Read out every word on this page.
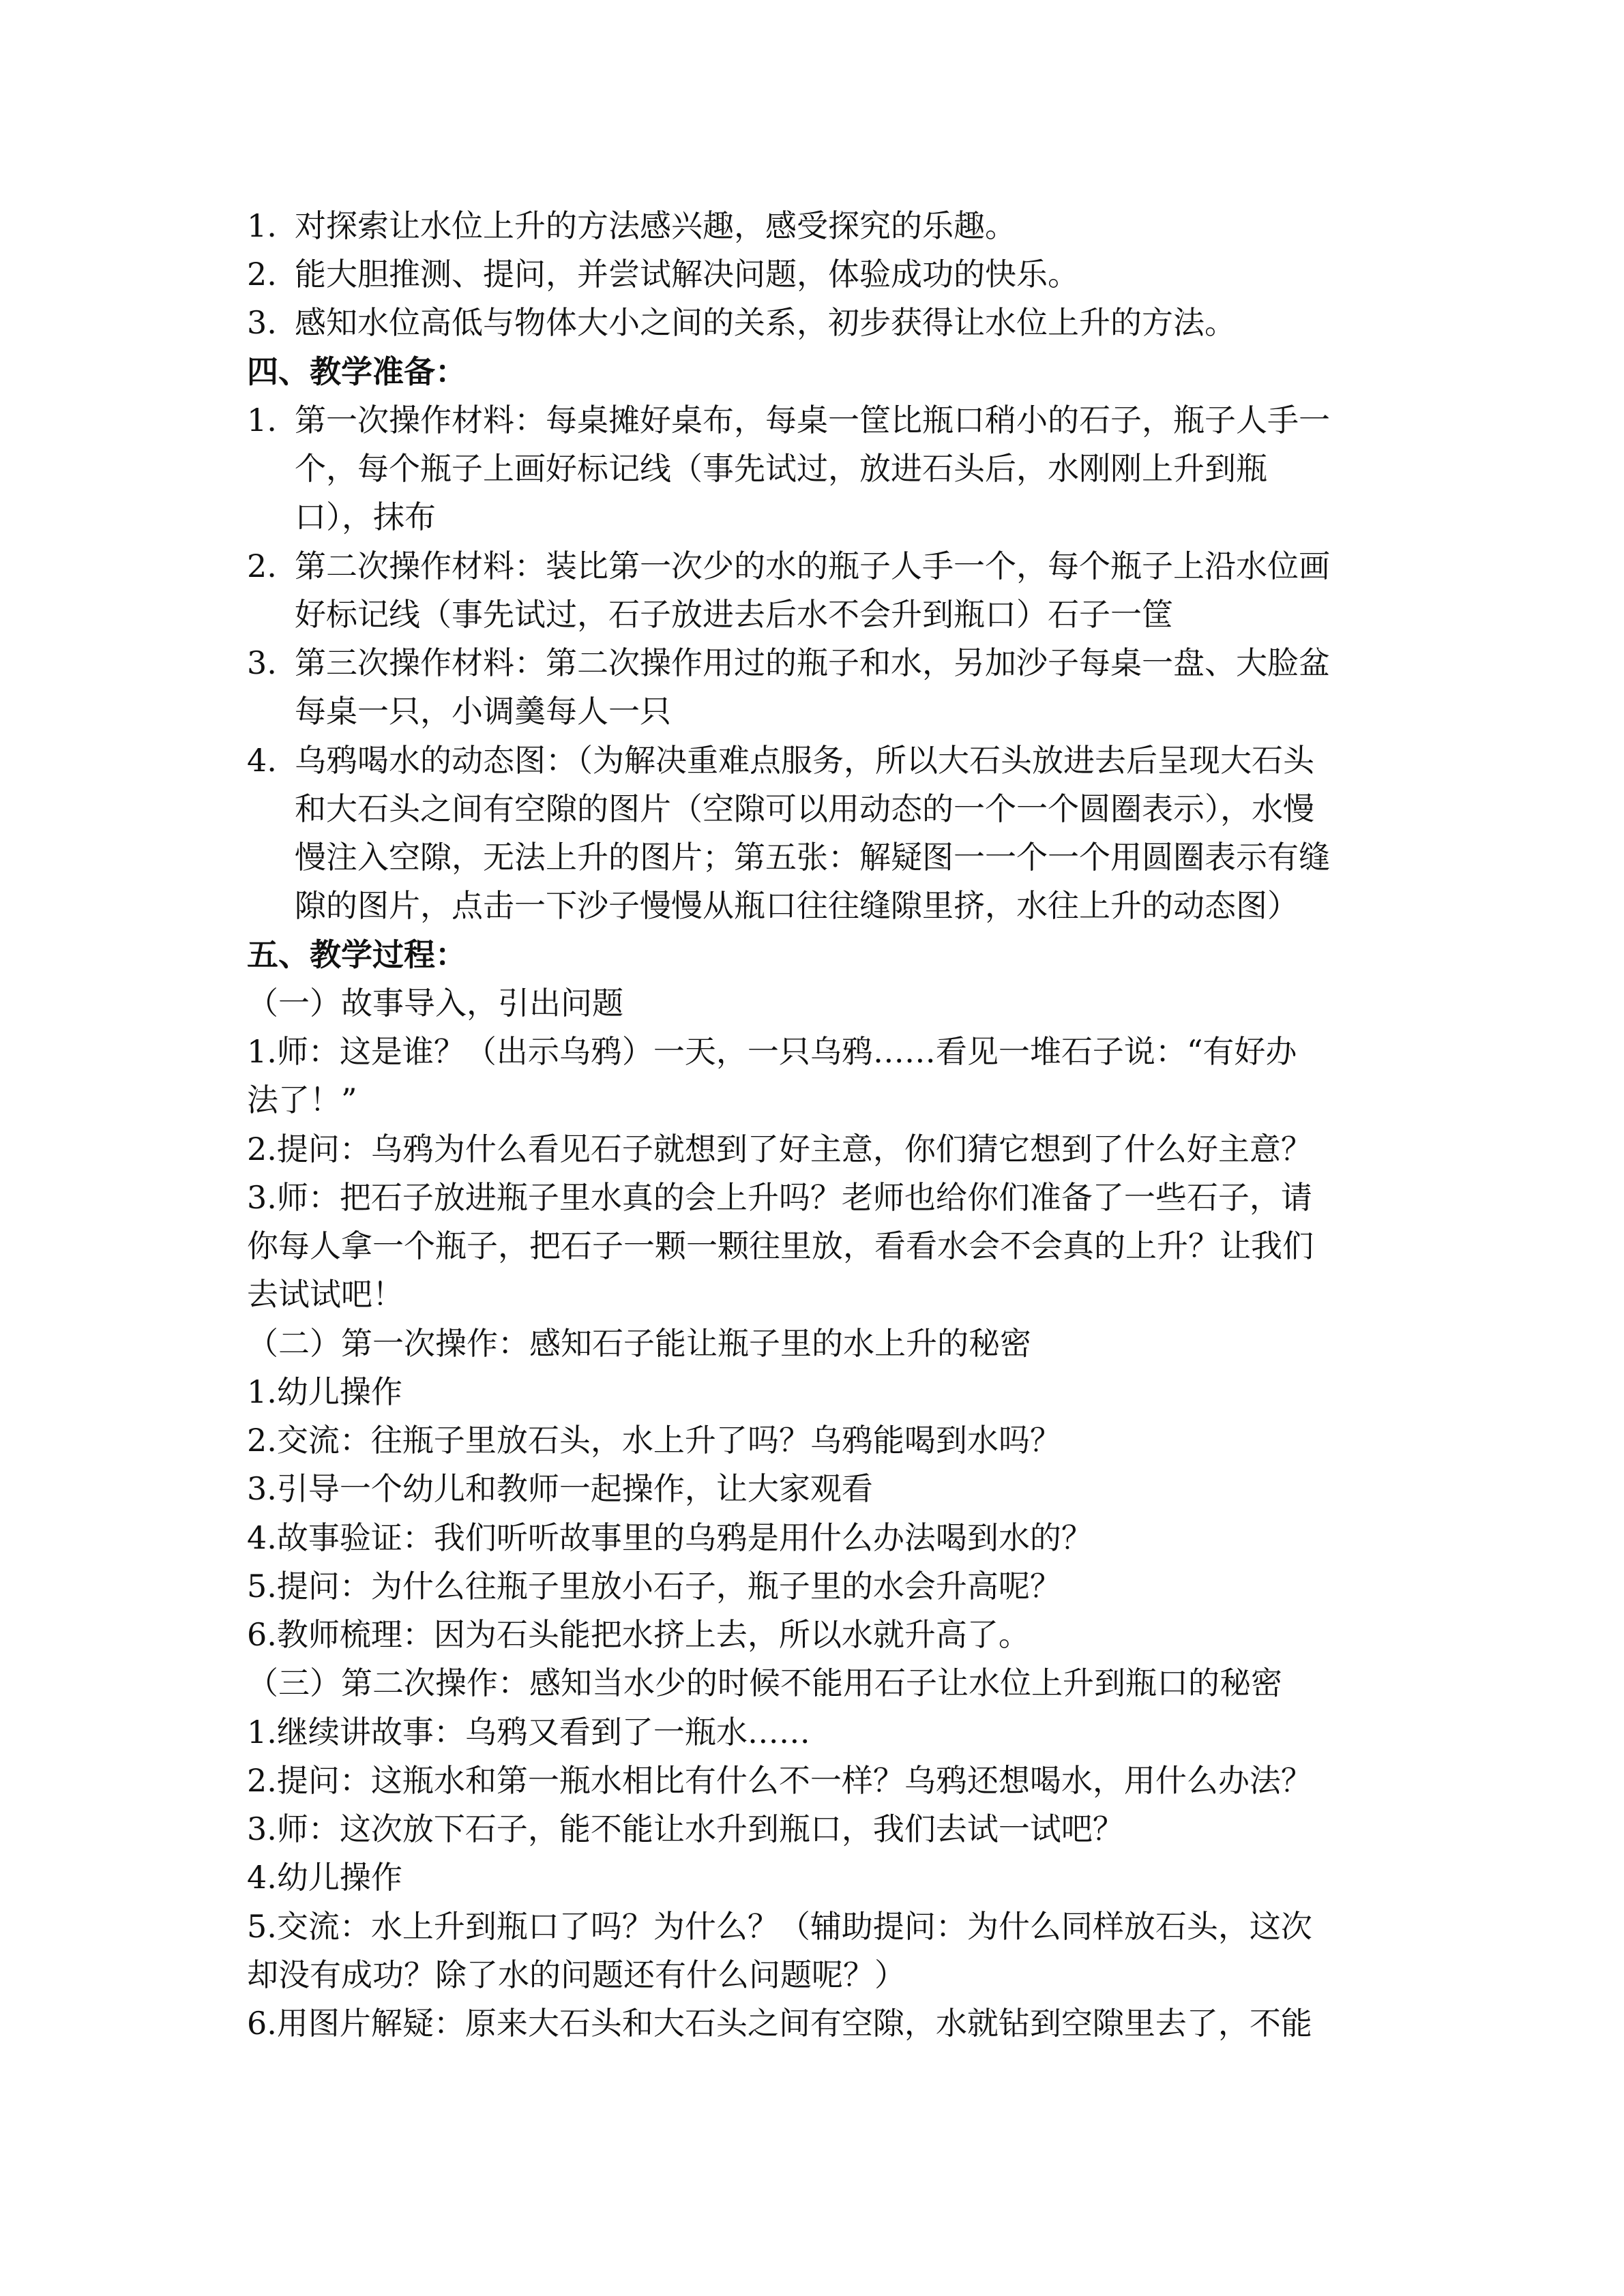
1. 对探索让水位上升的方法感兴趣，感受探究的乐趣。
2. 能大胆推测、提问，并尝试解决问题，体验成功的快乐。
3. 感知水位高低与物体大小之间的关系，初步获得让水位上升的方法。
四、教学准备：
1. 第一次操作材料：每桌摊好桌布，每桌一筐比瓶口稍小的石子，瓶子人手一
个，每个瓶子上画好标记线（事先试过，放进石头后，水刚刚上升到瓶
口），抹布
2. 第二次操作材料：装比第一次少的水的瓶子人手一个，每个瓶子上沿水位画
好标记线（事先试过，石子放进去后水不会升到瓶口）石子一筐
3. 第三次操作材料：第二次操作用过的瓶子和水，另加沙子每桌一盘、大脸盆
每桌一只，小调羹每人一只
4. 乌鸦喝水的动态图：（为解决重难点服务，所以大石头放进去后呈现大石头
和大石头之间有空隙的图片（空隙可以用动态的一个一个圆圈表示），水慢
慢注入空隙，无法上升的图片；第五张：解疑图一一个一个用圆圈表示有缝
隙的图片，点击一下沙子慢慢从瓶口往往缝隙里挤，水往上升的动态图）
五、教学过程：
（一）故事导入，引出问题
1.师：这是谁？（出示乌鸦）一天，一只乌鸦……看见一堆石子说：“有好办
法了！”
2.提问：乌鸦为什么看见石子就想到了好主意，你们猜它想到了什么好主意？
3.师：把石子放进瓶子里水真的会上升吗？老师也给你们准备了一些石子，请
你每人拿一个瓶子，把石子一颗一颗往里放，看看水会不会真的上升？让我们
去试试吧！
（二）第一次操作：感知石子能让瓶子里的水上升的秘密
1.幼儿操作
2.交流：往瓶子里放石头，水上升了吗？乌鸦能喝到水吗？
3.引导一个幼儿和教师一起操作，让大家观看
4.故事验证：我们听听故事里的乌鸦是用什么办法喝到水的？
5.提问：为什么往瓶子里放小石子，瓶子里的水会升高呢？
6.教师梳理：因为石头能把水挤上去，所以水就升高了。
（三）第二次操作：感知当水少的时候不能用石子让水位上升到瓶口的秘密
1.继续讲故事：乌鸦又看到了一瓶水……
2.提问：这瓶水和第一瓶水相比有什么不一样？乌鸦还想喝水，用什么办法？
3.师：这次放下石子，能不能让水升到瓶口，我们去试一试吧？
4.幼儿操作
5.交流：水上升到瓶口了吗？为什么？（辅助提问：为什么同样放石头，这次
却没有成功？除了水的问题还有什么问题呢？）
6.用图片解疑：原来大石头和大石头之间有空隙，水就钻到空隙里去了，不能
